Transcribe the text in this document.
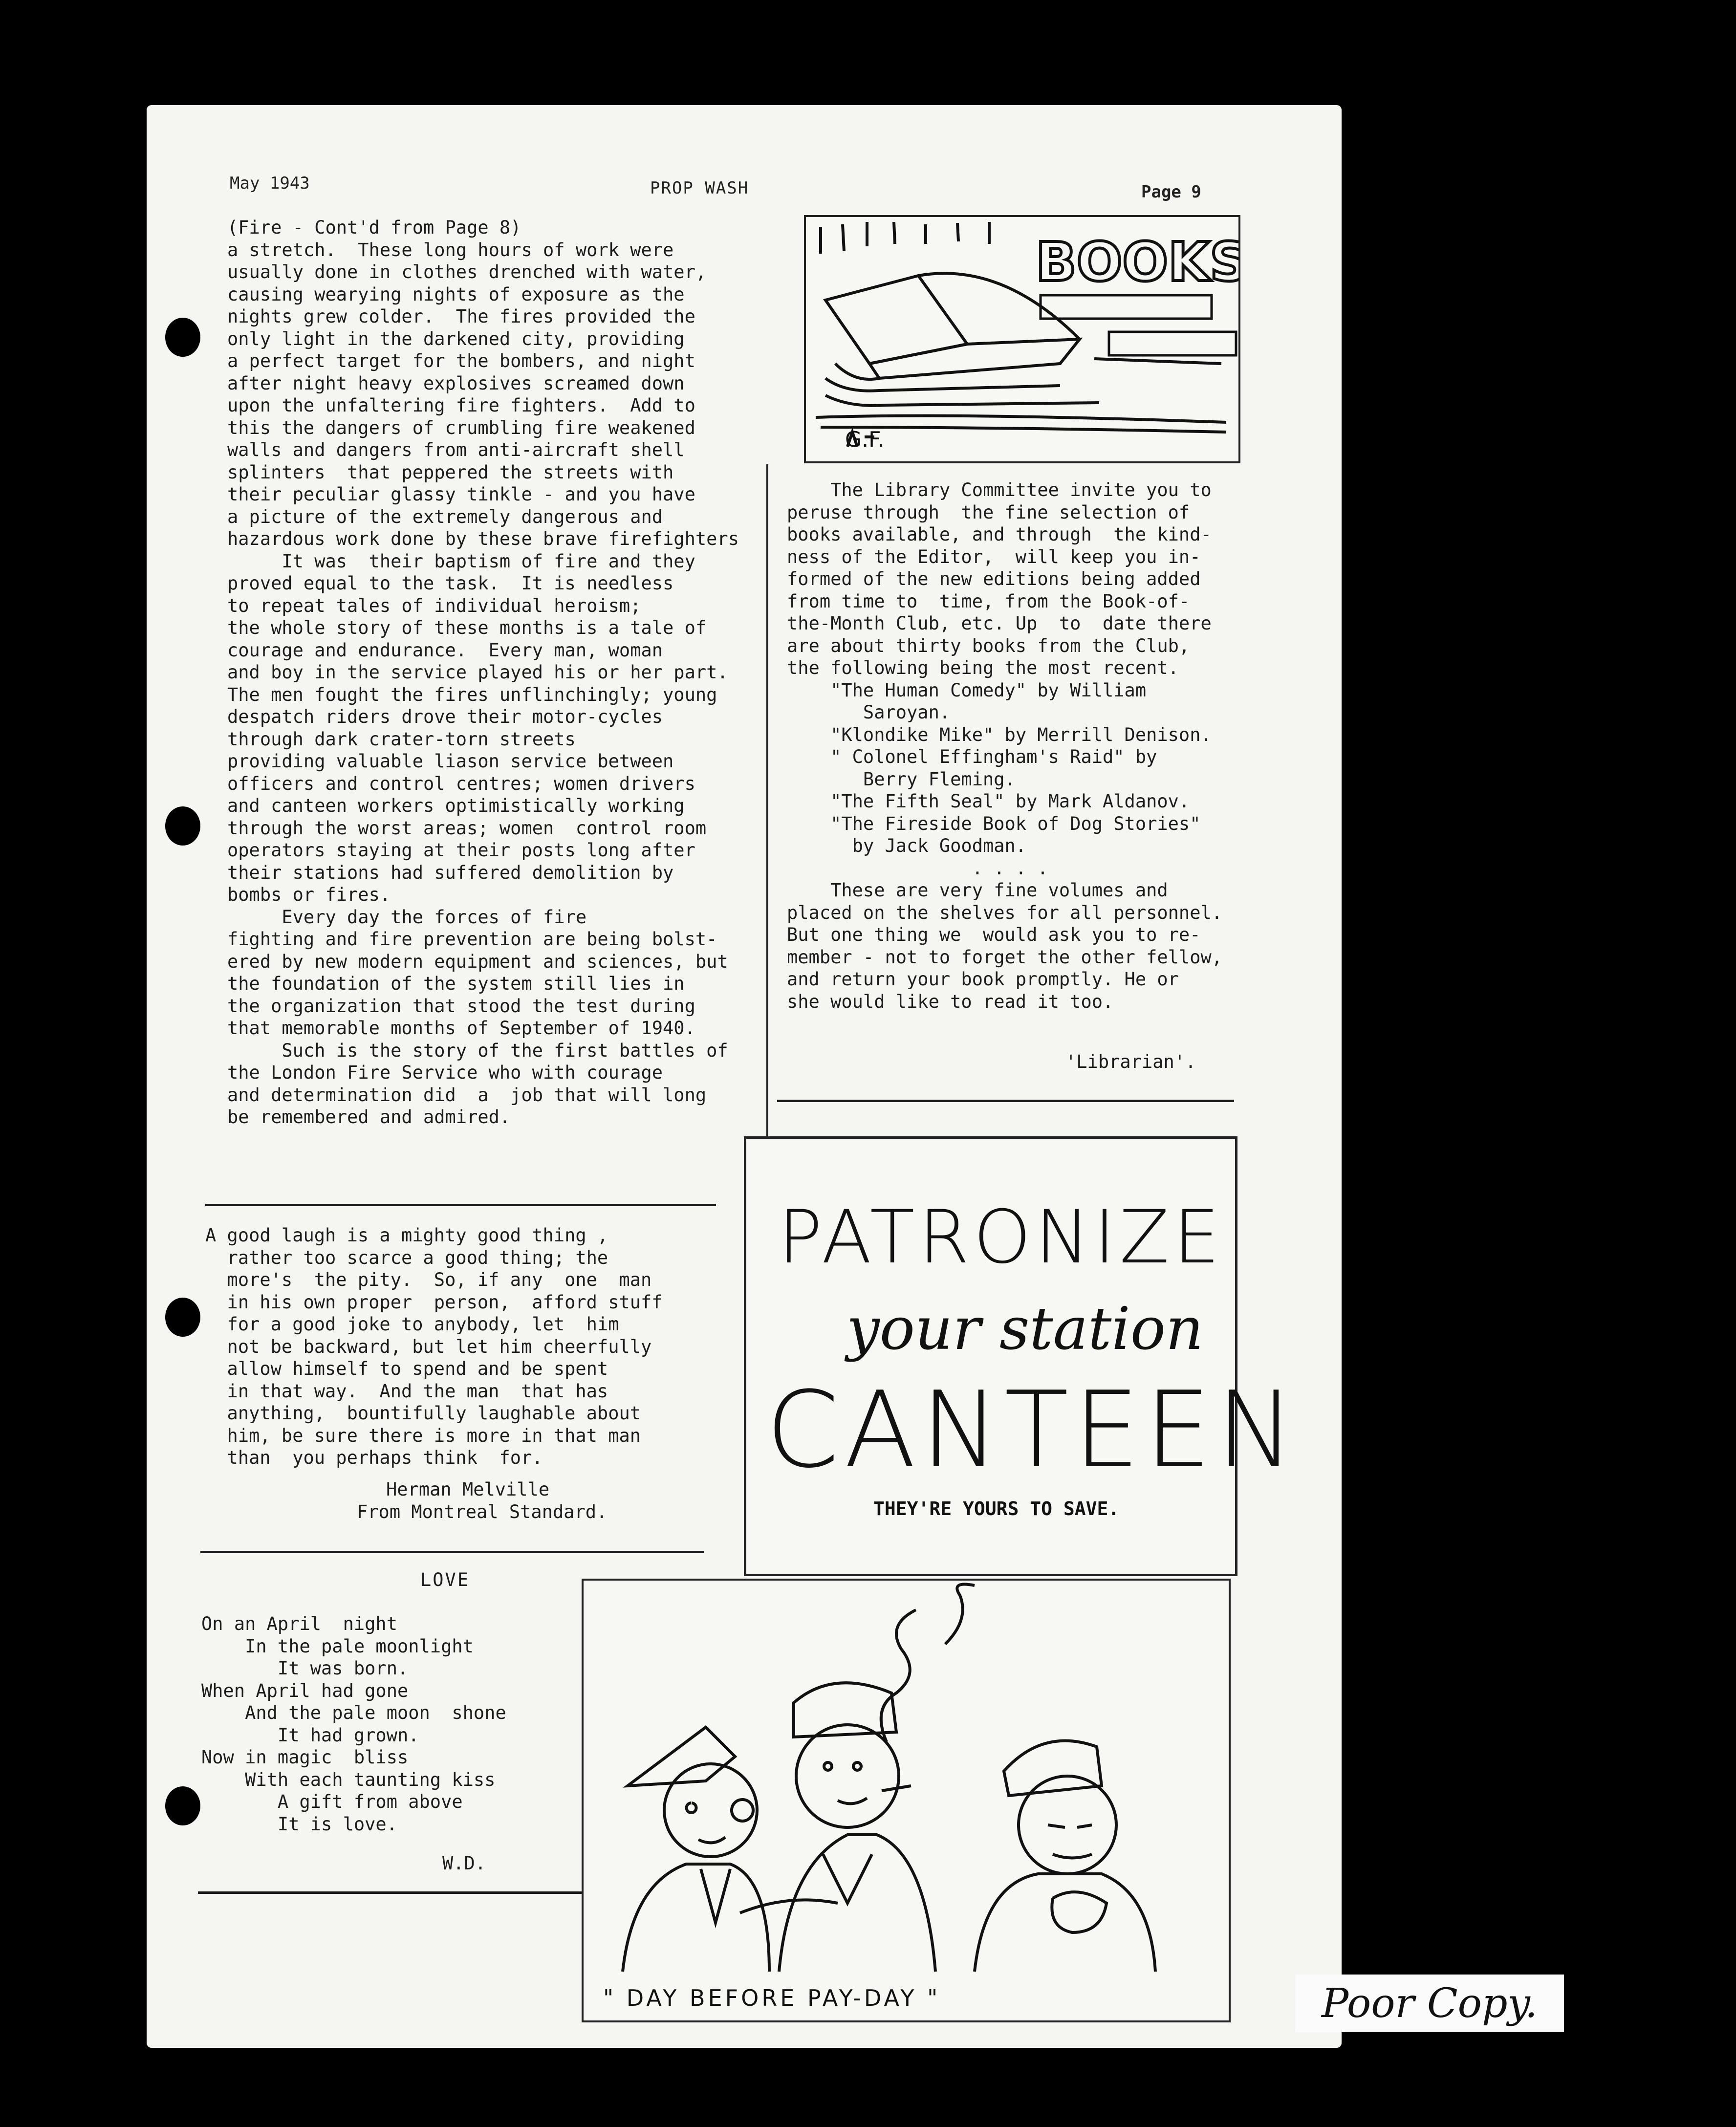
May 1943	PROP WASH	Page 9
(Fire - Cont'd from Page 8)
a stretch.  These long hours of work were
usually done in clothes drenched with water,
causing wearying nights of exposure as the
nights grew colder.  The fires provided the
only light in the darkened city, providing
a perfect target for the bombers, and night
after night heavy explosives screamed down
upon the unfaltering fire fighters.  Add to
this the dangers of crumbling fire weakened
walls and dangers from anti-aircraft shell
splinters  that peppered the streets with
their peculiar glassy tinkle - and you have
a picture of the extremely dangerous and
hazardous work done by these brave firefighters
It was  their baptism of fire and they
proved equal to the task.  It is needless
to repeat tales of individual heroism;
the whole story of these months is a tale of
courage and endurance.  Every man, woman
and boy in the service played his or her part.
The men fought the fires unflinchingly; young
despatch riders drove their motor-cycles
through dark crater-torn streets
providing valuable liason service between
officers and control centres; women drivers
and canteen workers optimistically working
through the worst areas; women  control room
operators staying at their posts long after
their stations had suffered demolition by
bombs or fires.
Every day the forces of fire
fighting and fire prevention are being bolst-
ered by new modern equipment and sciences, but
the foundation of the system still lies in
the organization that stood the test during
that memorable months of September of 1940.
Such is the story of the first battles of
the London Fire Service who with courage
and determination did  a  job that will long
be remembered and admired.
A good laugh is a mighty good thing ,
rather too scarce a good thing; the
more's  the pity.  So, if any  one  man
in his own proper  person,  afford stuff
for a good joke to anybody, let  him
not be backward, but let him cheerfully
allow himself to spend and be spent
in that way.  And the man  that has
anything,  bountifully laughable about
him, be sure there is more in that man
than  you perhaps think  for.
Herman Melville
From Montreal Standard.
LOVE
On an April  night
In the pale moonlight
It was born.
When April had gone
And the pale moon  shone
It had grown.
Now in magic  bliss
With each taunting kiss
A gift from above
It is love.
W.D.
BOOKS
G.F.
The Library Committee invite you to
peruse through  the fine selection of
books available, and through  the kind-
ness of the Editor,  will keep you in-
formed of the new editions being added
from time to  time, from the Book-of-
the-Month Club, etc. Up  to  date there
are about thirty books from the Club,
the following being the most recent.
"The Human Comedy" by William
Saroyan.
"Klondike Mike" by Merrill Denison.
" Colonel Effingham's Raid" by
Berry Fleming.
"The Fifth Seal" by Mark Aldanov.
"The Fireside Book of Dog Stories"
by Jack Goodman.
. . . .
These are very fine volumes and
placed on the shelves for all personnel.
But one thing we  would ask you to re-
member - not to forget the other fellow,
and return your book promptly. He or
she would like to read it too.
'Librarian'.
PATRONIZE
your station
CANTEEN
THEY'RE YOURS TO SAVE.
" DAY BEFORE PAY-DAY "	Poor Copy.
